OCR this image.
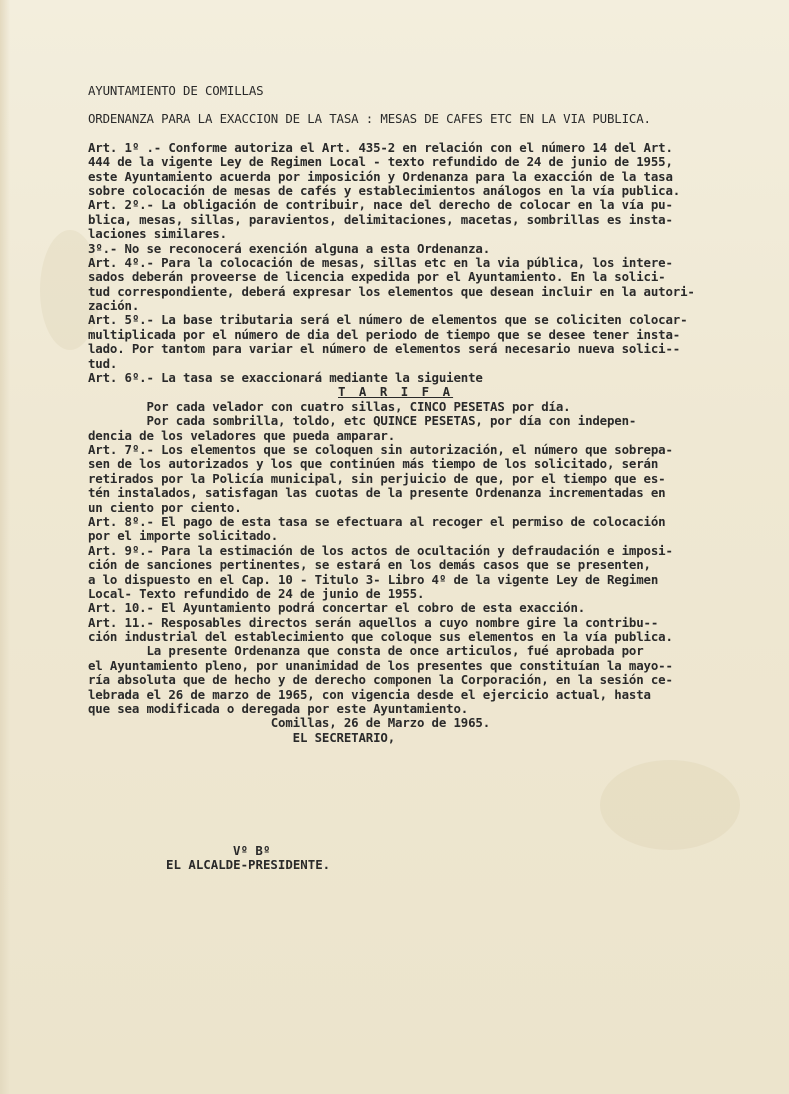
AYUNTAMIENTO DE COMILLAS

ORDENANZA PARA LA EXACCION DE LA TASA : MESAS DE CAFES ETC EN LA VIA PUBLICA.

Art. 1º .- Conforme autoriza el Art. 435-2 en relación con el número 14 del Art.

444 de la vigente Ley de Regimen Local - texto refundido de 24 de junio de 1955,

este Ayuntamiento acuerda por imposición y Ordenanza para la exacción de la tasa

sobre colocación de mesas de cafés y establecimientos análogos en la vía publica.

Art. 2º.- La obligación de contribuir, nace del derecho de colocar en la vía pu-

blica, mesas, sillas, paravientos, delimitaciones, macetas, sombrillas es insta-

laciones similares.

3º.- No se reconocerá exención alguna a esta Ordenanza.

Art. 4º.- Para la colocación de mesas, sillas etc en la via pública, los intere-

sados deberán proveerse de licencia expedida por el Ayuntamiento. En la solici-

tud correspondiente, deberá expresar los elementos que desean incluir en la autori-

zación.

Art. 5º.- La base tributaria será el número de elementos que se coliciten colocar-

multiplicada por el número de dia del periodo de tiempo que se desee tener insta-

lado. Por tantom para variar el número de elementos será necesario nueva solici--

tud.

Art. 6º.- La tasa se exaccionará mediante la siguiente

T A R I F A

Por cada velador con cuatro sillas, CINCO PESETAS por día.

Por cada sombrilla, toldo, etc QUINCE PESETAS, por día con indepen-

dencia de los veladores que pueda amparar.

Art. 7º.- Los elementos que se coloquen sin autorización, el número que sobrepa-

sen de los autorizados y los que continúen más tiempo de los solicitado, serán

retirados por la Policía municipal, sin perjuicio de que, por el tiempo que es-

tén instalados, satisfagan las cuotas de la presente Ordenanza incrementadas en

un ciento por ciento.

Art. 8º.- El pago de esta tasa se efectuara al recoger el permiso de colocación

por el importe solicitado.

Art. 9º.- Para la estimación de los actos de ocultación y defraudación e imposi-

ción de sanciones pertinentes, se estará en los demás casos que se presenten,

a lo dispuesto en el Cap. 10 - Titulo 3- Libro 4º de la vigente Ley de Regimen

Local- Texto refundido de 24 de junio de 1955.

Art. 10.- El Ayuntamiento podrá concertar el cobro de esta exacción.

Art. 11.- Resposables directos serán aquellos a cuyo nombre gire la contribu--

ción industrial del establecimiento que coloque sus elementos en la vía publica.

La presente Ordenanza que consta de once articulos, fué aprobada por

el Ayuntamiento pleno, por unanimidad de los presentes que constituían la mayo--

ría absoluta que de hecho y de derecho componen la Corporación, en la sesión ce-

lebrada el 26 de marzo de 1965, con vigencia desde el ejercicio actual, hasta

que sea modificada o deregada por este Ayuntamiento.

Comillas, 26 de Marzo de 1965.

EL SECRETARIO,

Vº Bº

EL ALCALDE-PRESIDENTE.
